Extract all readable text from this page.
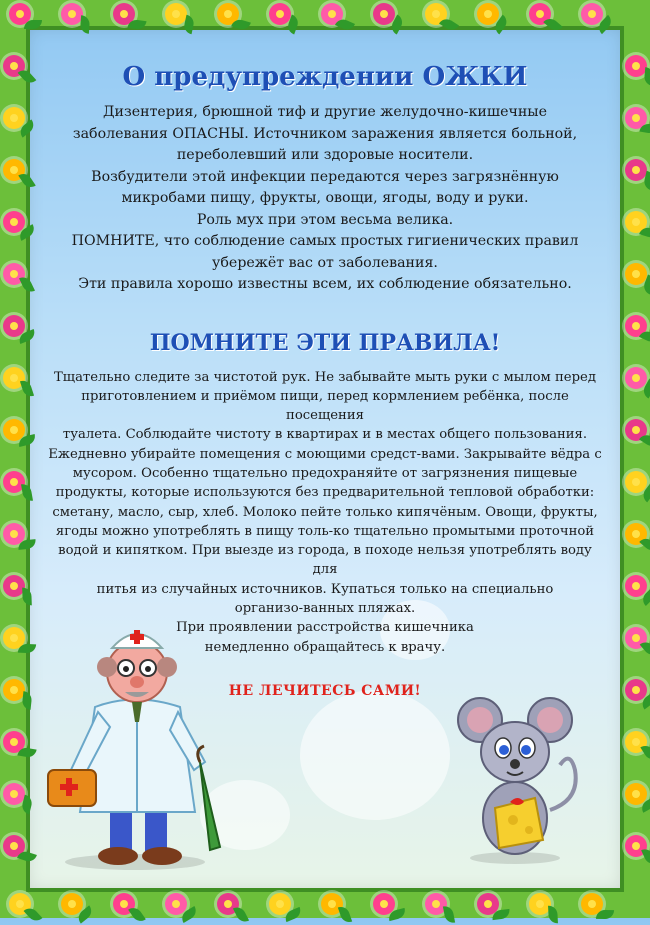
О предупреждении ОЖКИ

Дизентерия, брюшной тиф и другие желудочно-кишечные

заболевания ОПАСНЫ. Источником заражения является больной,

переболевший или здоровые носители.

Возбудители этой инфекции передаются через загрязнённую

микробами пищу, фрукты, овощи, ягоды, воду и руки.

Роль мух при этом весьма велика.

ПОМНИТЕ, что соблюдение самых простых гигиенических правил

убережёт вас от заболевания.

Эти правила хорошо известны всем, их соблюдение обязательно.

ПОМНИТЕ ЭТИ ПРАВИЛА!
Тщательно следите за чистотой рук. Не забывайте мыть руки с мылом перед
приготовлением и приёмом пищи, перед кормлением ребёнка, после посещения
туалета. Соблюдайте чистоту в квартирах и в местах общего пользования.
Ежедневно убирайте помещения с моющими средст-вами. Закрывайте вёдра с
мусором. Особенно тщательно предохраняйте от загрязнения пищевые
продукты, которые используются без предварительной тепловой обработки:
сметану, масло, сыр, хлеб. Молоко пейте только кипячёным. Овощи, фрукты,
ягоды можно употреблять в пищу толь-ко тщательно промытыми проточной
водой и кипятком. При выезде из города, в походе нельзя употреблять воду для
питья из случайных источников. Купаться только на специально
организо-ванных пляжах.
При проявлении расстройства кишечника
немедленно обращайтесь к врачу.
НЕ ЛЕЧИТЕСЬ САМИ!
